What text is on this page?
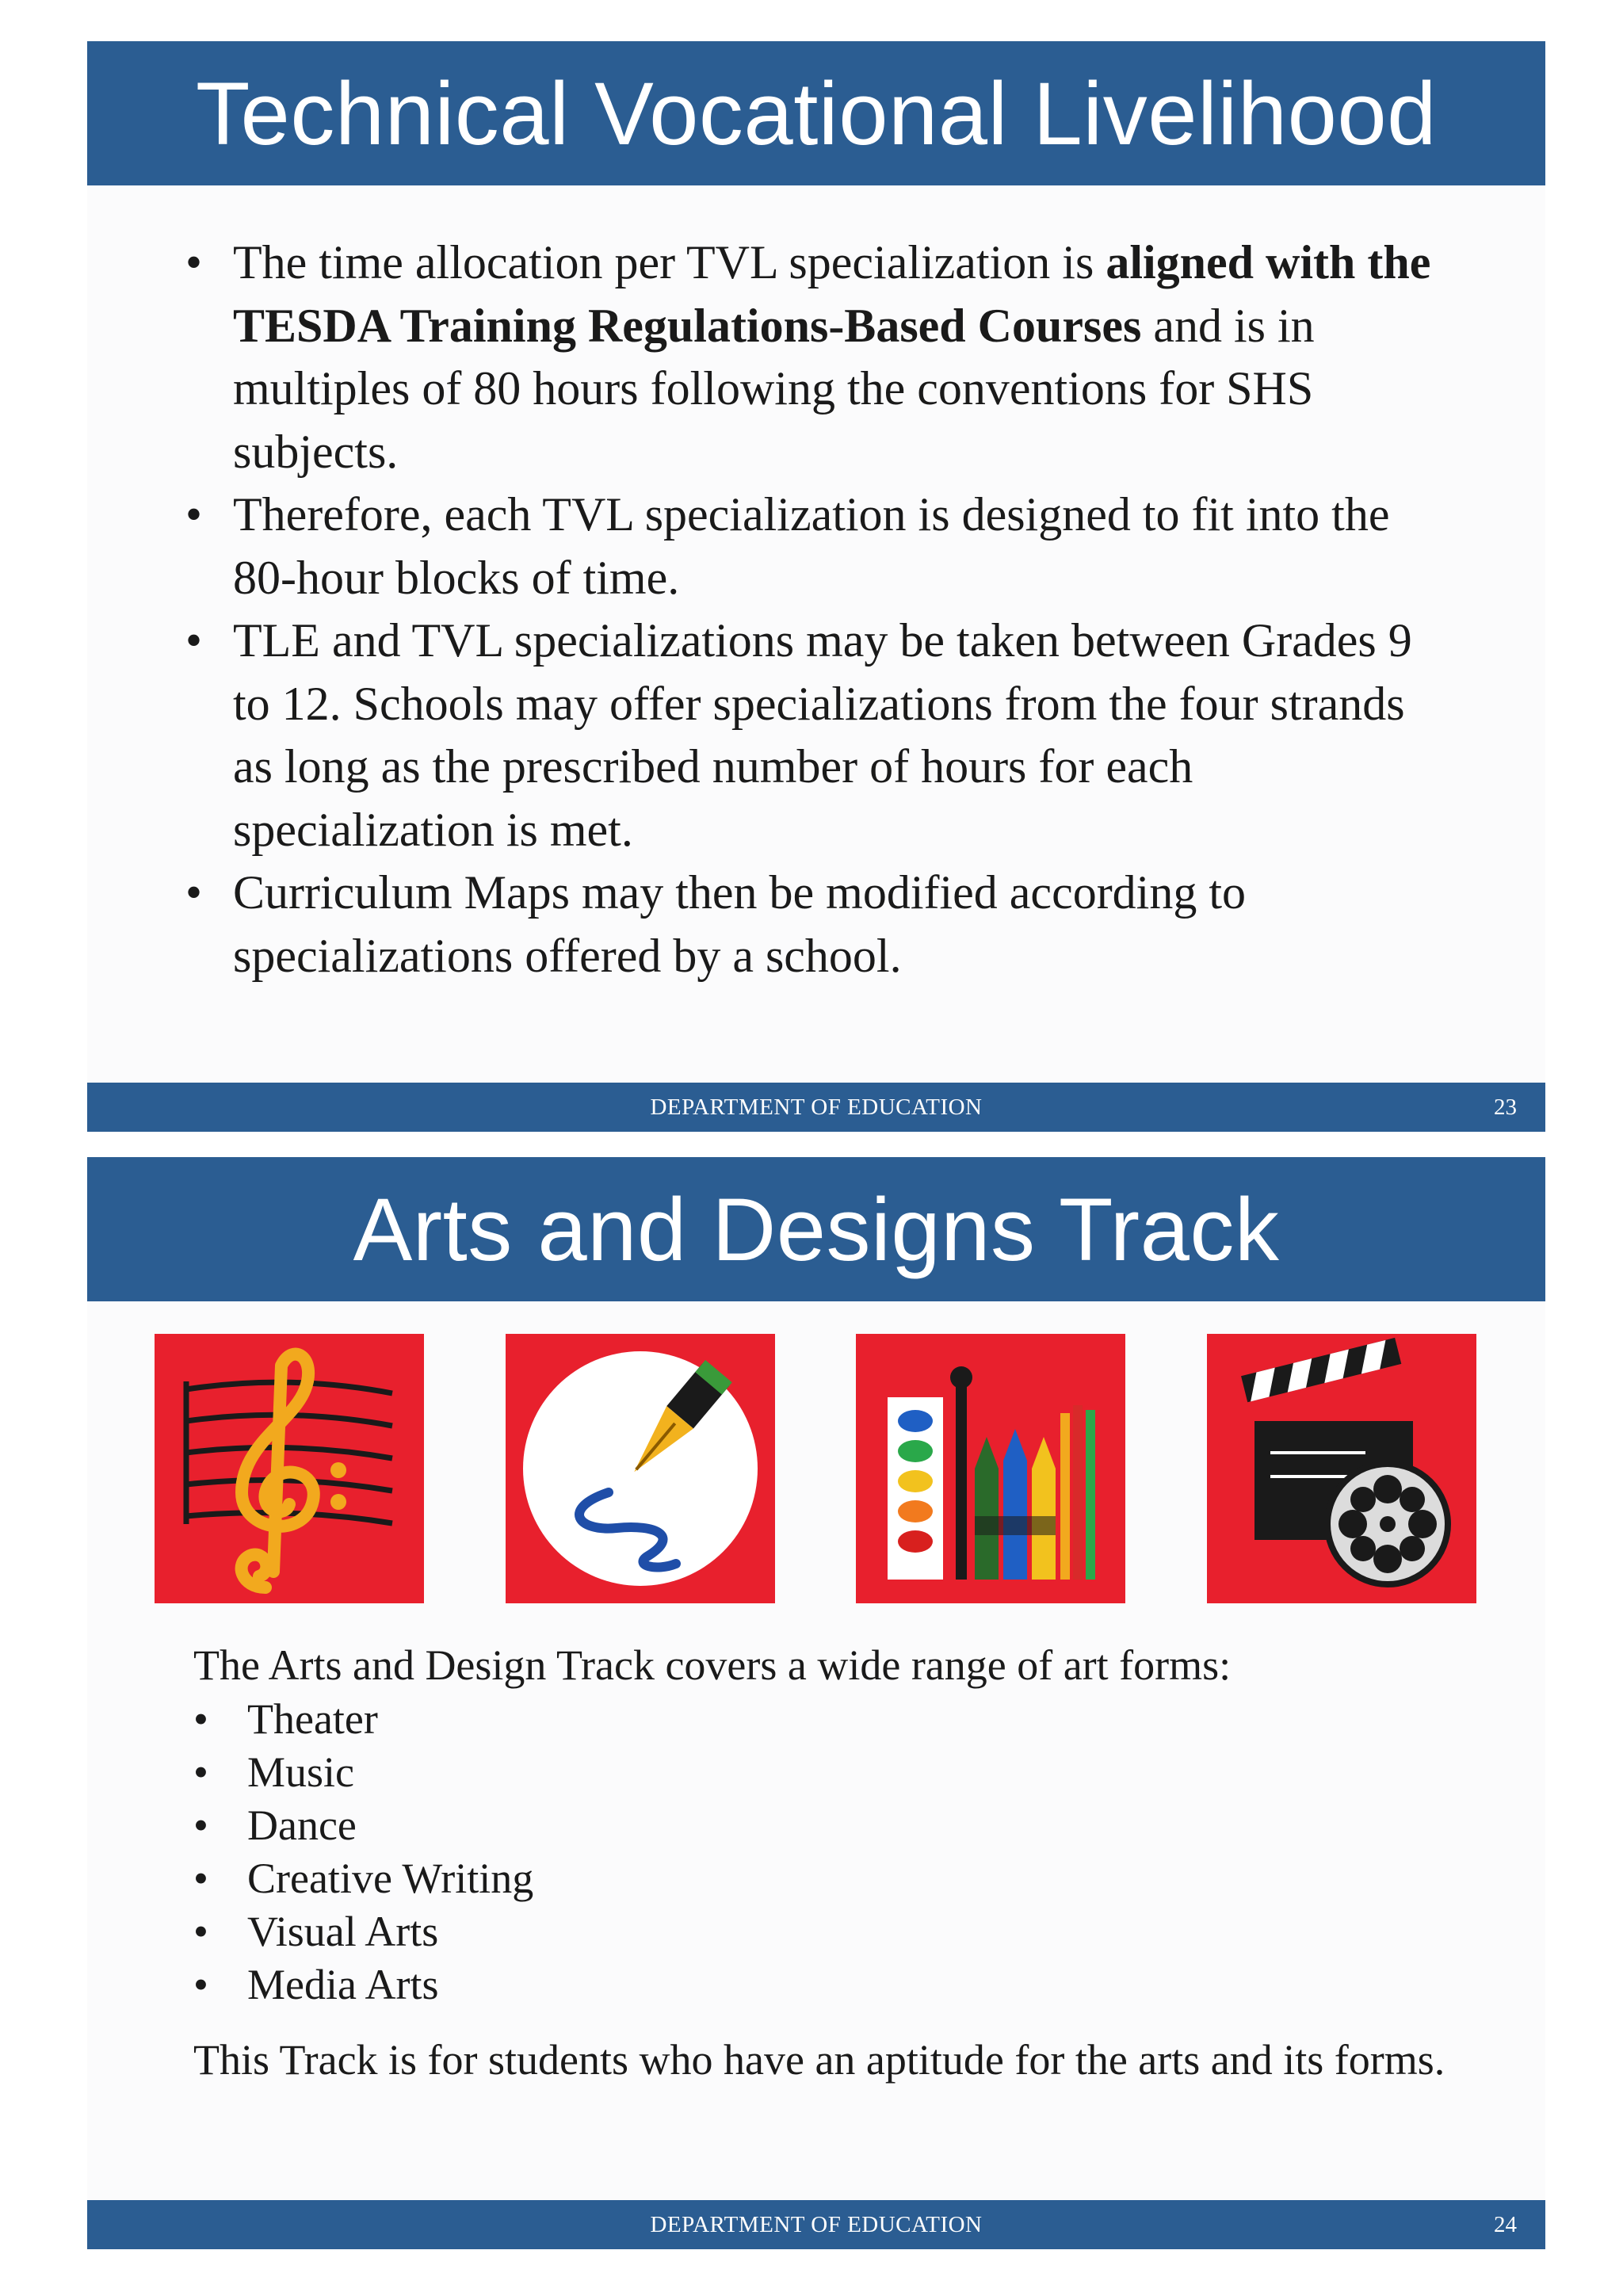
Technical Vocational Livelihood
• The time allocation per TVL specialization is aligned with the TESDA Training Regulations-Based Courses and is in multiples of 80 hours following the conventions for SHS subjects.
• Therefore, each TVL specialization is designed to fit into the 80-hour blocks of time.
• TLE and TVL specializations may be taken between Grades 9 to 12. Schools may offer specializations from the four strands as long as the prescribed number of hours for each specialization is met.
• Curriculum Maps may then be modified according to specializations offered by a school.
DEPARTMENT OF EDUCATION	23
Arts and Designs Track
The Arts and Design Track covers a wide range of art forms:
• Theater
• Music
• Dance
• Creative Writing
• Visual Arts
• Media Arts
This Track is for students who have an aptitude for the arts and its forms.
DEPARTMENT OF EDUCATION	24
